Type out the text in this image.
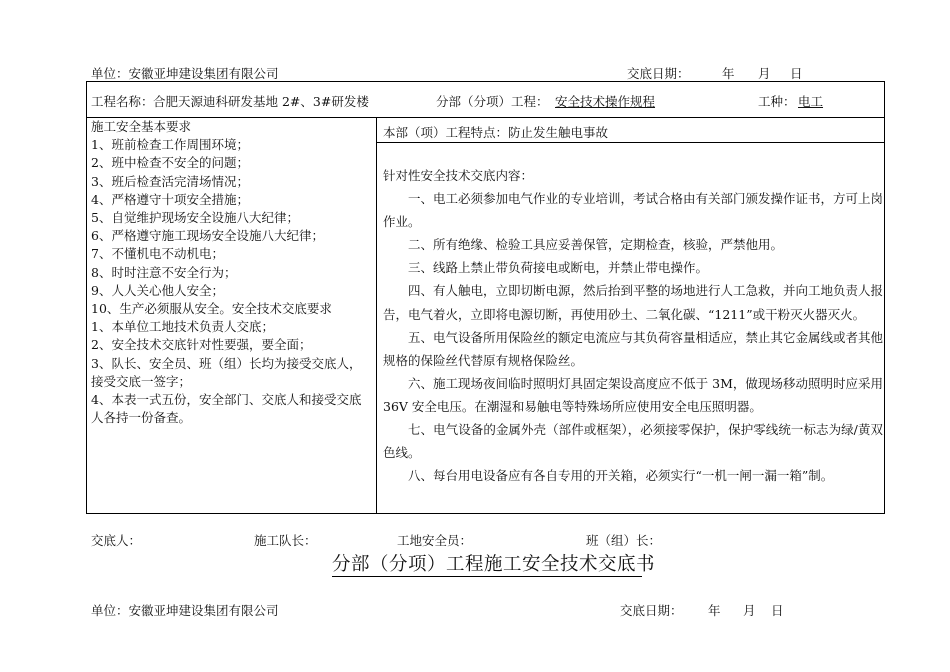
单位：安徽亚坤建设集团有限公司	交底日期：	年 月 日
工程名称： 合肥天源迪科研发基地 2#、3#研发楼	分部（分项）工程： 安全技术操作规程	工种： 电工
施工安全基本要求
1、班前检查工作周围环境；
2、班中检查不安全的问题；
3、班后检查活完清场情况；
4、严格遵守十项安全措施；
5、自觉维护现场安全设施八大纪律；
6、严格遵守施工现场安全设施八大纪律；
7、不懂机电不动机电；
8、时时注意不安全行为；
9、人人关心他人安全；
10、生产必须服从安全。安全技术交底要求
1、本单位工地技术负责人交底；
2、安全技术交底针对性要强，要全面；
3、队长、安全员、班（组）长均为接受交底人，接受交底一签字；
4、本表一式五份，安全部门、交底人和接受交底人各持一份备查。
本部（项）工程特点：防止发生触电事故

针对性安全技术交底内容：

一、电工必须参加电气作业的专业培训，考试合格由有关部门颁发操作证书，方可上岗作业。

二、所有绝缘、检验工具应妥善保管，定期检查，核验，严禁他用。

三、线路上禁止带负荷接电或断电，并禁止带电操作。

四、有人触电，立即切断电源，然后抬到平整的场地进行人工急救，并向工地负责人报告，电气着火，立即将电源切断，再使用砂土、二氧化碳、“1211”或干粉灭火器灭火。

五、电气设备所用保险丝的额定电流应与其负荷容量相适应，禁止其它金属线或者其他规格的保险丝代替原有规格保险丝。

六、施工现场夜间临时照明灯具固定架设高度应不低于 3M，做现场移动照明时应采用 36V 安全电压。在潮湿和易触电等特殊场所应使用安全电压照明器。

七、电气设备的金属外壳（部件或框架），必须接零保护，保护零线统一标志为绿/黄双色线。

八、每台用电设备应有各自专用的开关箱，必须实行“一机一闸一漏一箱”制。

交底人：	施工队长：	工地安全员：	班（组）长：
分部（分项）工程施工安全技术交底书
单位：安徽亚坤建设集团有限公司	交底日期： 年 月 日
